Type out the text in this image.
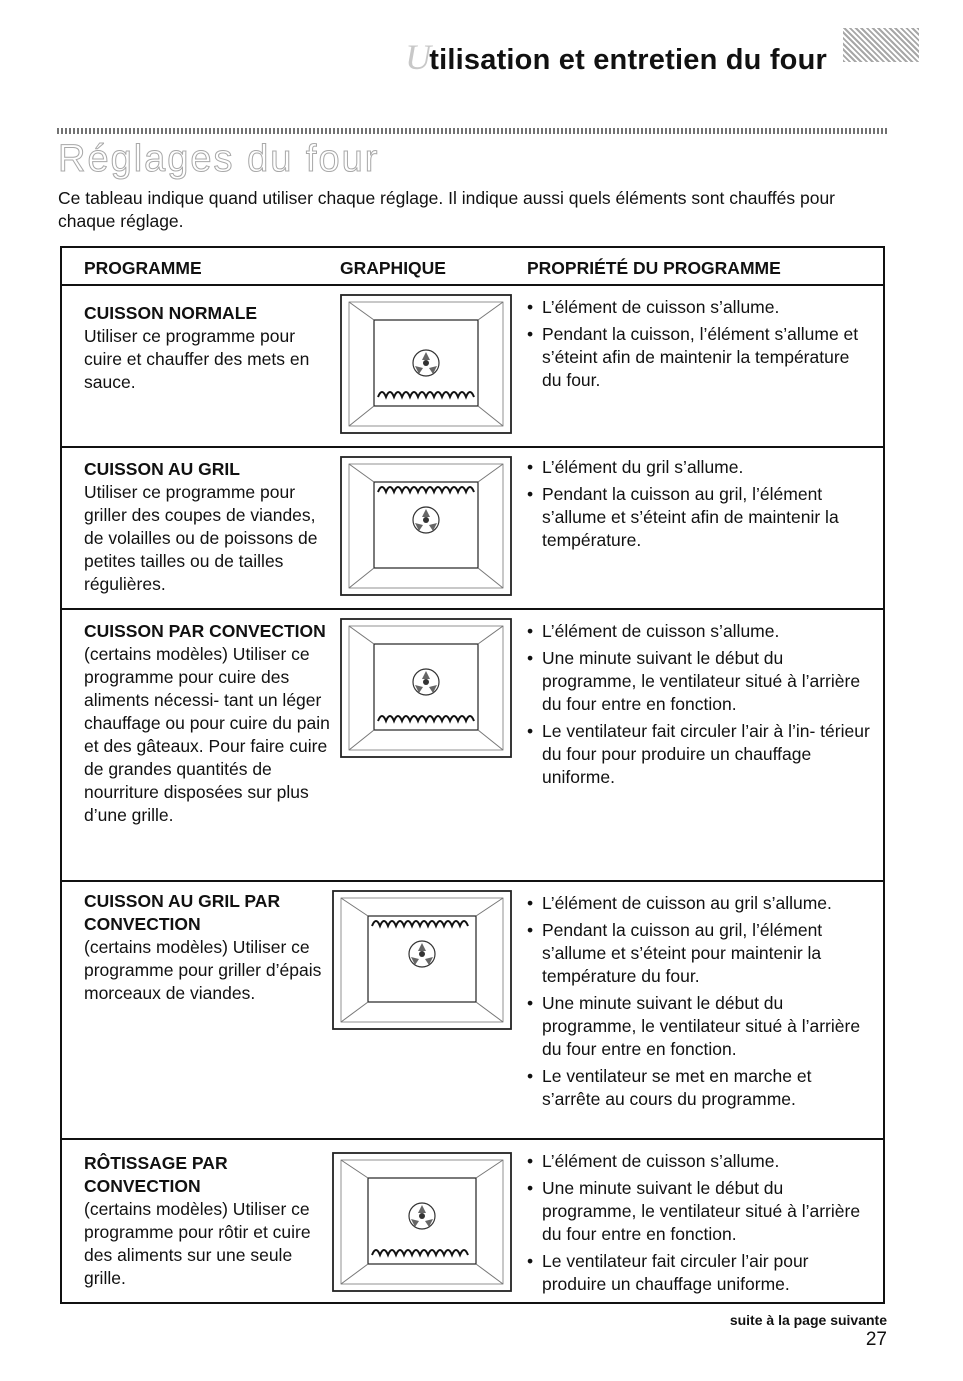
Utilisation et entretien du four
Réglages du four
Ce tableau indique quand utiliser chaque réglage. Il indique aussi quels éléments sont chauffés pour chaque réglage.
PROGRAMME	GRAPHIQUE	PROPRIÉTÉ DU PROGRAMME
CUISSON NORMALE
Utiliser ce programme pour cuire et chauffer des mets en sauce.
• L’élément de cuisson s’allume.
• Pendant la cuisson, l’élément s’allume et s’éteint afin de maintenir la température du four.
CUISSON AU GRIL
Utiliser ce programme pour griller des coupes de viandes, de volailles ou de poissons de petites tailles ou de tailles régulières.
• L’élément du gril s’allume.
• Pendant la cuisson au gril, l’élément s’allume et s’éteint afin de maintenir la température.
CUISSON PAR CONVECTION
(certains modèles) Utiliser ce programme pour cuire des aliments nécessi- tant un léger chauffage ou pour cuire du pain et des gâteaux. Pour faire cuire de grandes quantités de nourriture disposées sur plus d’une grille.
• L’élément de cuisson s’allume.
• Une minute suivant le début du programme, le ventilateur situé à l’arrière du four entre en fonction.
• Le ventilateur fait circuler l’air à l’in- térieur du four pour produire un chauffage uniforme.
CUISSON AU GRIL PAR CONVECTION
(certains modèles) Utiliser ce programme pour griller d’épais morceaux de viandes.
• L’élément de cuisson au gril s’allume.
• Pendant la cuisson au gril, l’élément s’allume et s’éteint pour maintenir la température du four.
• Une minute suivant le début du programme, le ventilateur situé à l’arrière du four entre en fonction.
• Le ventilateur se met en marche et s’arrête au cours du programme.
RÔTISSAGE PAR CONVECTION
(certains modèles) Utiliser ce programme pour rôtir et cuire des aliments sur une seule grille.
• L’élément de cuisson s’allume.
• Une minute suivant le début du programme, le ventilateur situé à l’arrière du four entre en fonction.
• Le ventilateur fait circuler l’air pour produire un chauffage uniforme.
suite à la page suivante
27
